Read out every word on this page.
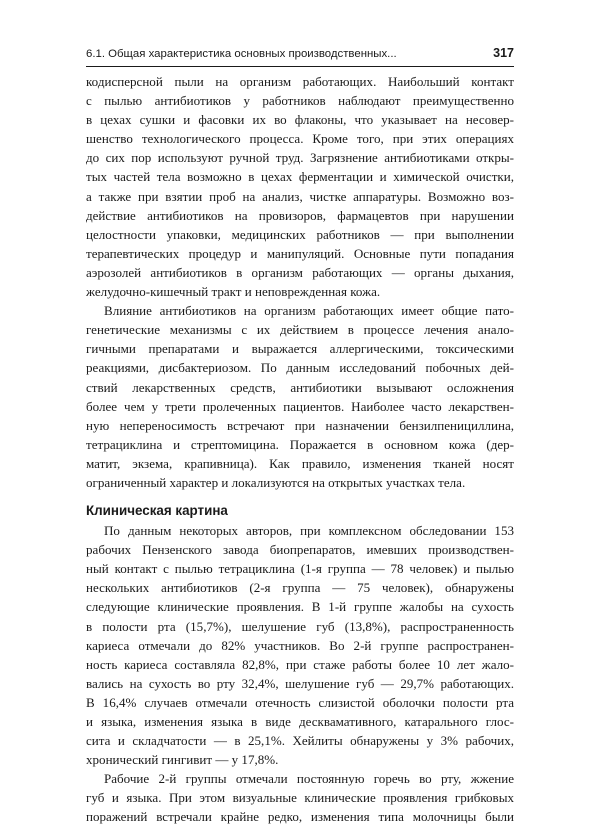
6.1. Общая характеристика основных производственных...	317
кодисперсной пыли на организм работающих. Наибольший контакт
с пылью антибиотиков у работников наблюдают преимущественно
в цехах сушки и фасовки их во флаконы, что указывает на несовер-
шенство технологического процесса. Кроме того, при этих операциях
до сих пор используют ручной труд. Загрязнение антибиотиками откры-
тых частей тела возможно в цехах ферментации и химической очистки,
а также при взятии проб на анализ, чистке аппаратуры. Возможно воз-
действие антибиотиков на провизоров, фармацевтов при нарушении
целостности упаковки, медицинских работников — при выполнении
терапевтических процедур и манипуляций. Основные пути попадания
аэрозолей антибиотиков в организм работающих — органы дыхания,
желудочно-кишечный тракт и неповрежденная кожа.
Влияние антибиотиков на организм работающих имеет общие пато-
генетические механизмы с их действием в процессе лечения анало-
гичными препаратами и выражается аллергическими, токсическими
реакциями, дисбактериозом. По данным исследований побочных дей-
ствий лекарственных средств, антибиотики вызывают осложнения
более чем у трети пролеченных пациентов. Наиболее часто лекарствен-
ную непереносимость встречают при назначении бензилпенициллина,
тетрациклина и стрептомицина. Поражается в основном кожа (дер-
матит, экзема, крапивница). Как правило, изменения тканей носят
ограниченный характер и локализуются на открытых участках тела.
Клиническая картина
По данным некоторых авторов, при комплексном обследовании 153
рабочих Пензенского завода биопрепаратов, имевших производствен-
ный контакт с пылью тетрациклина (1-я группа — 78 человек) и пылью
нескольких антибиотиков (2-я группа — 75 человек), обнаружены
следующие клинические проявления. В 1-й группе жалобы на сухость
в полости рта (15,7%), шелушение губ (13,8%), распространенность
кариеса отмечали до 82% участников. Во 2-й группе распространен-
ность кариеса составляла 82,8%, при стаже работы более 10 лет жало-
вались на сухость во рту 32,4%, шелушение губ — 29,7% работающих.
В 16,4% случаев отмечали отечность слизистой оболочки полости рта
и языка, изменения языка в виде десквамативного, катарального глос-
сита и складчатости — в 25,1%. Хейлиты обнаружены у 3% рабочих,
хронический гингивит — у 17,8%.
Рабочие 2-й группы отмечали постоянную горечь во рту, жжение
губ и языка. При этом визуальные клинические проявления грибковых
поражений встречали крайне редко, изменения типа молочницы были
